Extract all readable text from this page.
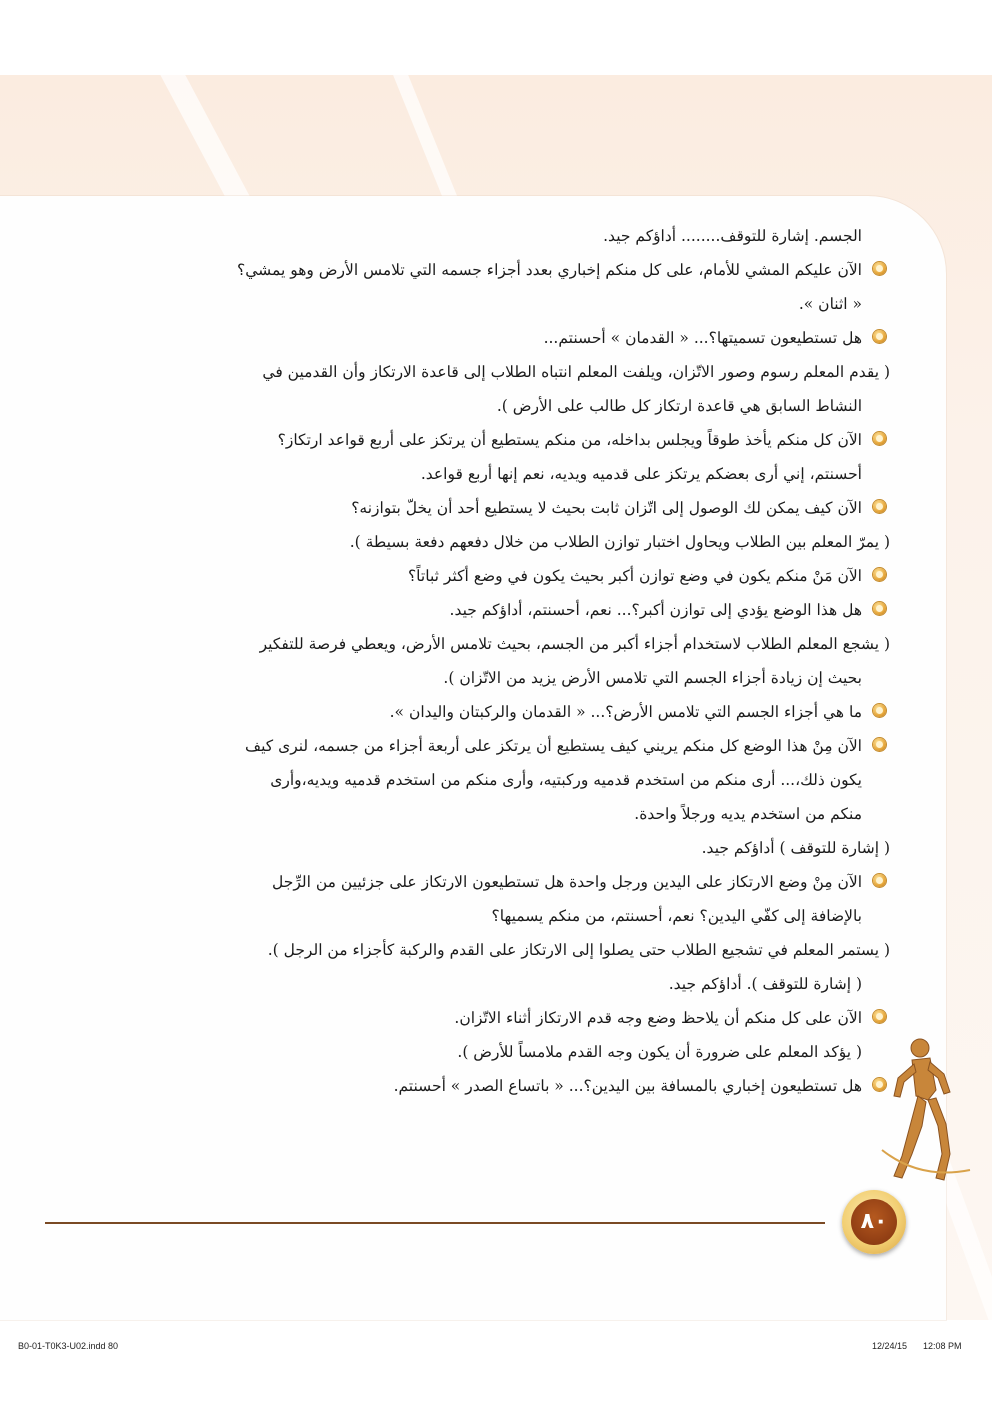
الجسم. إشارة للتوقف........ أداؤكم جيد.
الآن عليكم المشي للأمام، على كل منكم إخباري بعدد أجزاء جسمه التي تلامس الأرض وهو يمشي؟
« اثنان ».
هل تستطيعون تسميتها؟... « القدمان » أحسنتم...
( يقدم المعلم رسوم وصور الاتّزان، ويلفت المعلم انتباه الطلاب إلى قاعدة الارتكاز وأن القدمين في
النشاط السابق هي قاعدة ارتكاز كل طالب على الأرض ).
الآن كل منكم يأخذ طوقاً ويجلس بداخله، من منكم يستطيع أن يرتكز على أربع قواعد ارتكاز؟
أحسنتم، إني أرى بعضكم يرتكز على قدميه ويديه، نعم إنها أربع قواعد.
الآن كيف يمكن لك الوصول إلى اتّزان ثابت بحيث لا يستطيع أحد أن يخلّ بتوازنه؟
( يمرّ المعلم بين الطلاب ويحاول اختبار توازن الطلاب من خلال دفعهم دفعة بسيطة ).
الآن مَنْ منكم يكون في وضع توازن أكبر بحيث يكون في وضع أكثر ثباتاً؟
هل هذا الوضع يؤدي إلى توازن أكبر؟... نعم، أحسنتم، أداؤكم جيد.
( يشجع المعلم الطلاب لاستخدام أجزاء أكبر من الجسم، بحيث تلامس الأرض، ويعطي فرصة للتفكير
بحيث إن زيادة أجزاء الجسم التي تلامس الأرض يزيد من الاتّزان ).
ما هي أجزاء الجسم التي تلامس الأرض؟... « القدمان والركبتان واليدان ».
الآن مِنْ هذا الوضع كل منكم يريني كيف يستطيع أن يرتكز على أربعة أجزاء من جسمه، لنرى كيف
يكون ذلك،... أرى منكم من استخدم قدميه وركبتيه، وأرى منكم من استخدم قدميه ويديه،وأرى
منكم من استخدم يديه ورجلاً واحدة.
( إشارة للتوقف ) أداؤكم جيد.
الآن مِنْ وضع الارتكاز على اليدين ورجل واحدة هل تستطيعون الارتكاز على جزئيين من الرِّجل
بالإضافة إلى كفّي اليدين؟ نعم، أحسنتم، من منكم يسميها؟
( يستمر المعلم في تشجيع الطلاب حتى يصلوا إلى الارتكاز على القدم والركبة كأجزاء من الرجل ).
( إشارة للتوقف ). أداؤكم جيد.
الآن على كل منكم أن يلاحظ وضع وجه قدم الارتكاز أثناء الاتّزان.
( يؤكد المعلم على ضرورة أن يكون وجه القدم ملامساً للأرض ).
هل تستطيعون إخباري بالمسافة بين اليدين؟... « باتساع الصدر » أحسنتم.
٨٠
B0-01-T0K3-U02.indd 80	12/24/15 12:08 PM
